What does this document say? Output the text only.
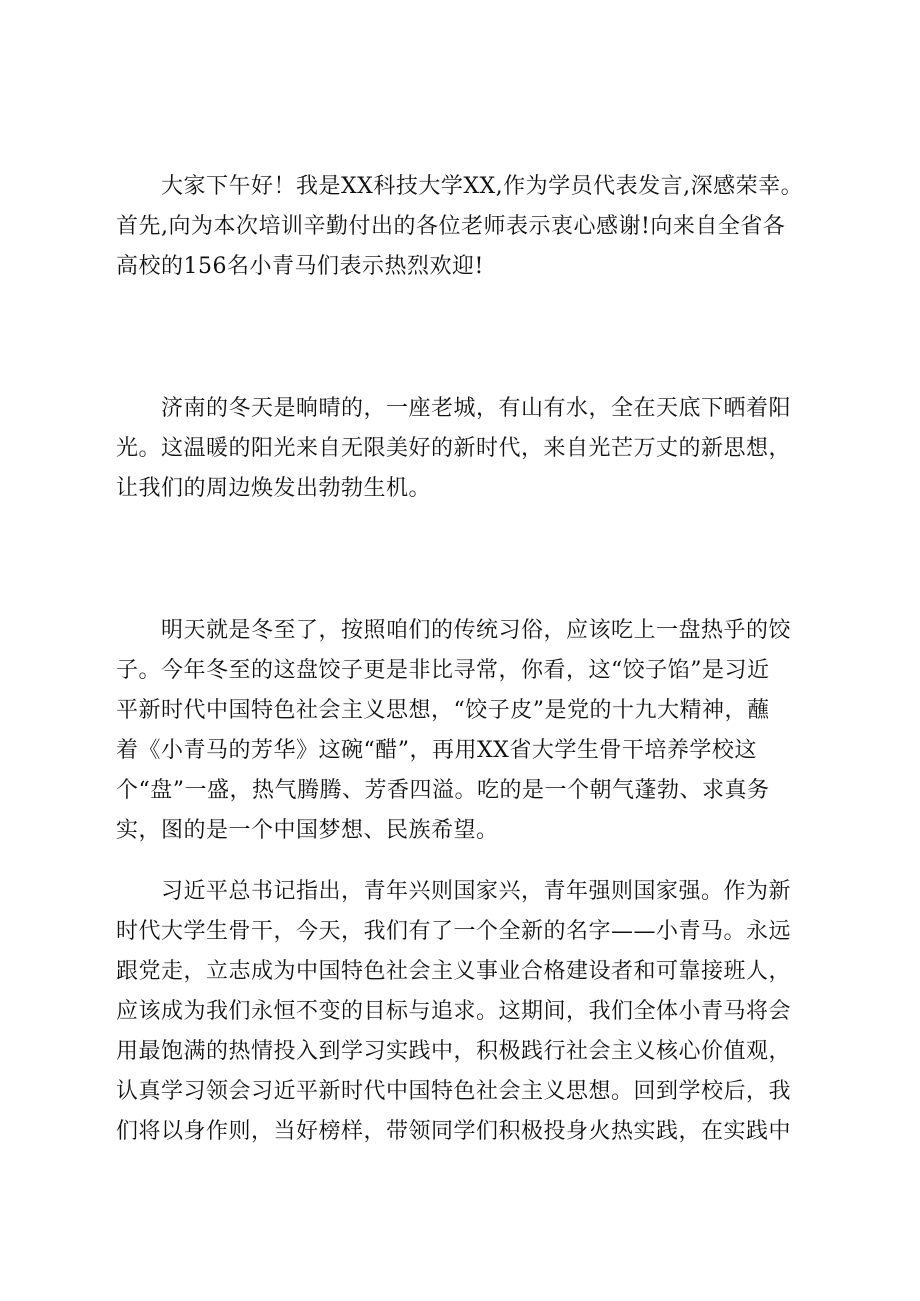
　　大家下午好！我是XX科技大学XX,作为学员代表发言,深感荣幸。
首先,向为本次培训辛勤付出的各位老师表示衷心感谢!向来自全省各
高校的156名小青马们表示热烈欢迎!
　　济南的冬天是晌晴的，一座老城，有山有水，全在天底下晒着阳
光。这温暖的阳光来自无限美好的新时代，来自光芒万丈的新思想，
让我们的周边焕发出勃勃生机。
　　明天就是冬至了，按照咱们的传统习俗，应该吃上一盘热乎的饺
子。今年冬至的这盘饺子更是非比寻常，你看，这“饺子馅”是习近
平新时代中国特色社会主义思想，“饺子皮”是党的十九大精神，蘸
着《小青马的芳华》这碗“醋”，再用XX省大学生骨干培养学校这
个“盘”一盛，热气腾腾、芳香四溢。吃的是一个朝气蓬勃、求真务
实，图的是一个中国梦想、民族希望。
　　习近平总书记指出，青年兴则国家兴，青年强则国家强。作为新
时代大学生骨干，今天，我们有了一个全新的名字——小青马。永远
跟党走，立志成为中国特色社会主义事业合格建设者和可靠接班人，
应该成为我们永恒不变的目标与追求。这期间，我们全体小青马将会
用最饱满的热情投入到学习实践中，积极践行社会主义核心价值观，
认真学习领会习近平新时代中国特色社会主义思想。回到学校后，我
们将以身作则，当好榜样，带领同学们积极投身火热实践，在实践中
